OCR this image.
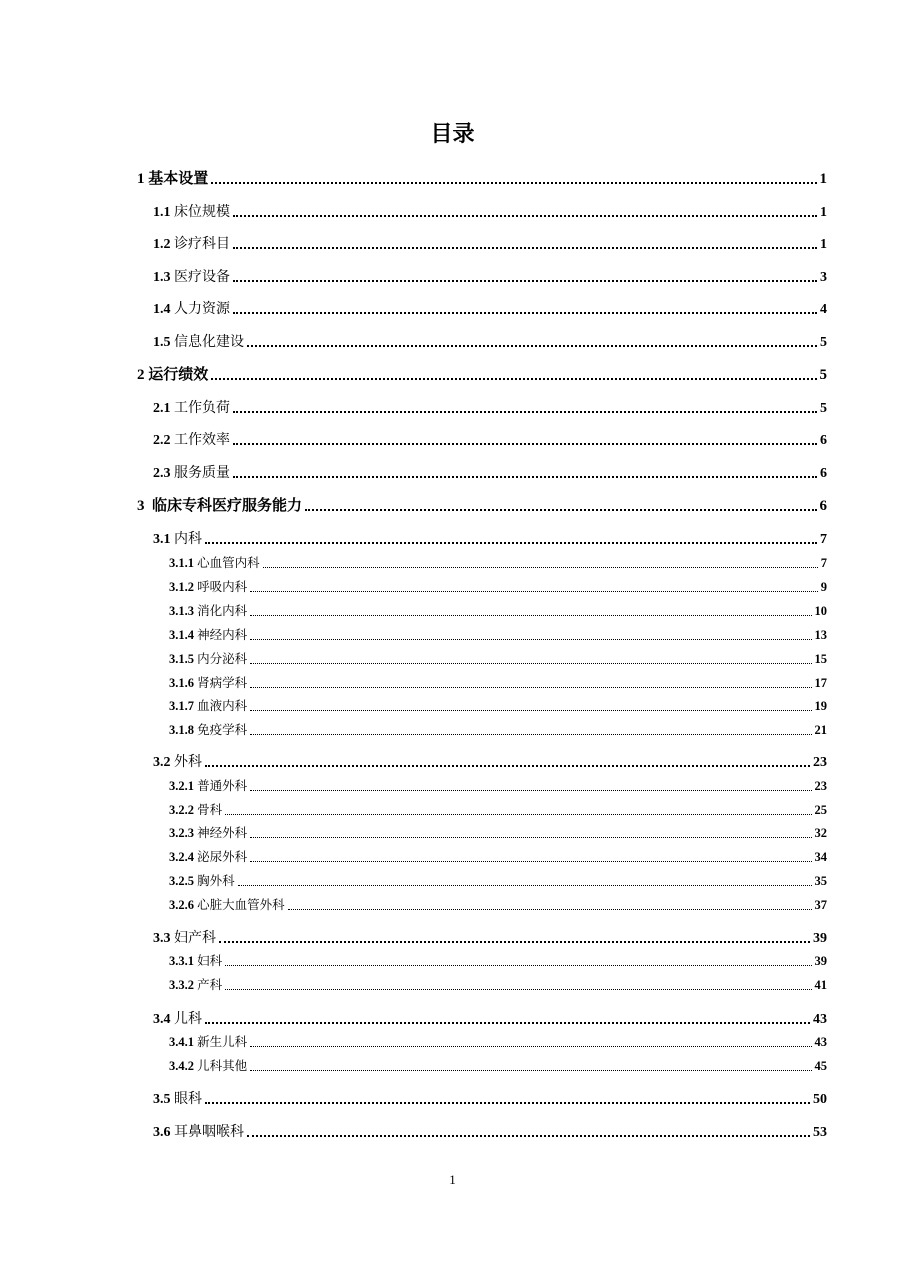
目录
1 基本设置	1
1.1 床位规模	1
1.2 诊疗科目	1
1.3 医疗设备	3
1.4 人力资源	4
1.5 信息化建设	5
2 运行绩效	5
2.1 工作负荷	5
2.2 工作效率	6
2.3 服务质量	6
3 临床专科医疗服务能力	6
3.1 内科	7
3.1.1 心血管内科	7
3.1.2 呼吸内科	9
3.1.3 消化内科	10
3.1.4 神经内科	13
3.1.5 内分泌科	15
3.1.6 肾病学科	17
3.1.7 血液内科	19
3.1.8 免疫学科	21
3.2 外科	23
3.2.1 普通外科	23
3.2.2 骨科	25
3.2.3 神经外科	32
3.2.4 泌尿外科	34
3.2.5 胸外科	35
3.2.6 心脏大血管外科	37
3.3 妇产科	39
3.3.1 妇科	39
3.3.2 产科	41
3.4 儿科	43
3.4.1 新生儿科	43
3.4.2 儿科其他	45
3.5 眼科	50
3.6 耳鼻咽喉科	53
1
